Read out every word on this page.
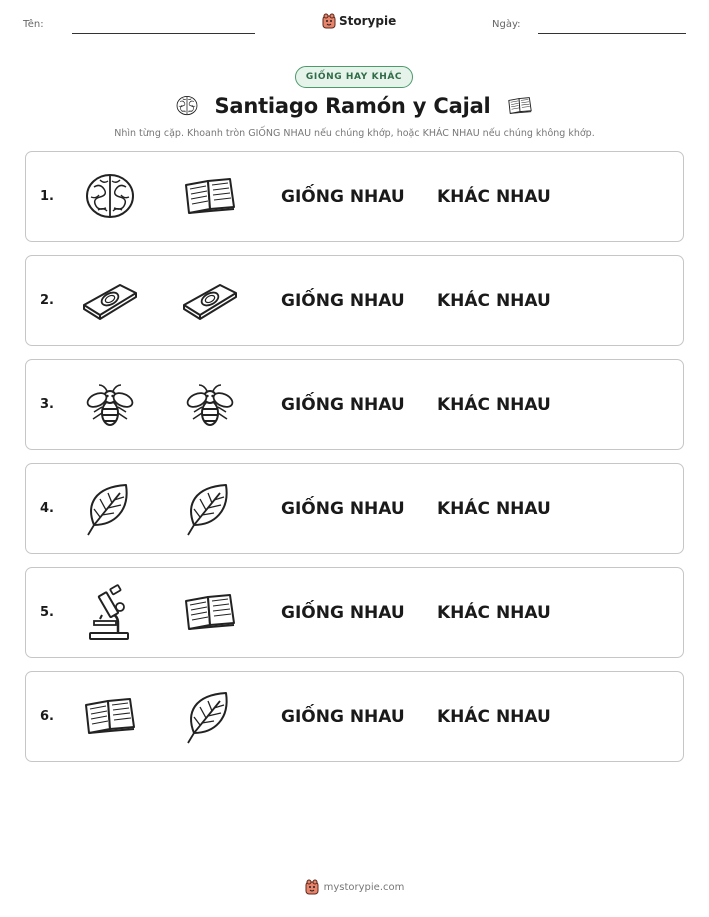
Tên:	Storypie	Ngày:
GIỐNG HAY KHÁC
Santiago Ramón y Cajal
Nhìn từng cặp. Khoanh tròn GIỐNG NHAU nếu chúng khớp, hoặc KHÁC NHAU nếu chúng không khớp.
1.	GIỐNG NHAU KHÁC NHAU
2.	GIỐNG NHAU KHÁC NHAU
3.	GIỐNG NHAU KHÁC NHAU
4.	GIỐNG NHAU KHÁC NHAU
5.	GIỐNG NHAU KHÁC NHAU
6.	GIỐNG NHAU KHÁC NHAU
mystorypie.com
